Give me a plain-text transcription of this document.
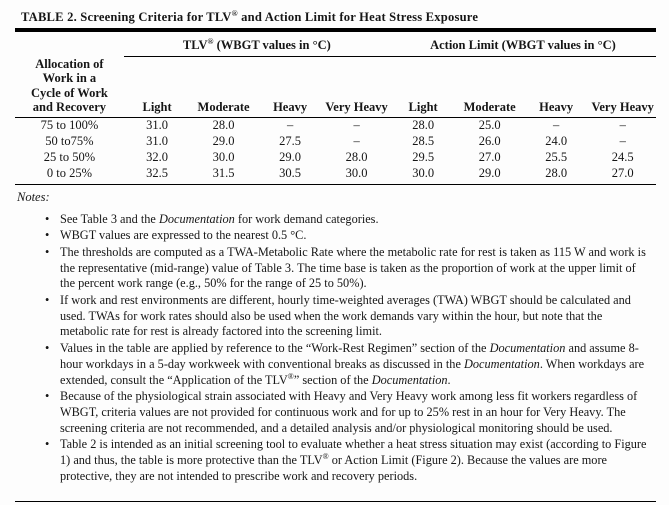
TABLE 2. Screening Criteria for TLV® and Action Limit for Heat Stress Exposure
	TLV® (WBGT values in °C)				Action Limit (WBGT values in °C)			

Allocation of
Work in a
Cycle of Work
and Recovery	Light	Moderate	Heavy	Very Heavy	Light	Moderate	Heavy	Very Heavy
75 to 100%	31.0	28.0	–	–	28.0	25.0	–	–
50 to75%	31.0	29.0	27.5	–	28.5	26.0	24.0	–
25 to 50%	32.0	30.0	29.0	28.0	29.5	27.0	25.5	24.5
0 to 25%	32.5	31.5	30.5	30.0	30.0	29.0	28.0	27.0
Notes:
• See Table 3 and the Documentation for work demand categories.
• WBGT values are expressed to the nearest 0.5 °C.
• The thresholds are computed as a TWA-Metabolic Rate where the metabolic rate for rest is taken as 115 W and work is the representative (mid-range) value of Table 3. The time base is taken as the proportion of work at the upper limit of the percent work range (e.g., 50% for the range of 25 to 50%).
• If work and rest environments are different, hourly time-weighted averages (TWA) WBGT should be calculated and used. TWAs for work rates should also be used when the work demands vary within the hour, but note that the metabolic rate for rest is already factored into the screening limit.
• Values in the table are applied by reference to the “Work-Rest Regimen” section of the Documentation and assume 8-hour workdays in a 5-day workweek with conventional breaks as discussed in the Documentation. When workdays are extended, consult the “Application of the TLV®” section of the Documentation.
• Because of the physiological strain associated with Heavy and Very Heavy work among less fit workers regardless of WBGT, criteria values are not provided for continuous work and for up to 25% rest in an hour for Very Heavy. The screening criteria are not recommended, and a detailed analysis and/or physiological monitoring should be used.
• Table 2 is intended as an initial screening tool to evaluate whether a heat stress situation may exist (according to Figure 1) and thus, the table is more protective than the TLV® or Action Limit (Figure 2). Because the values are more protective, they are not intended to prescribe work and recovery periods.
